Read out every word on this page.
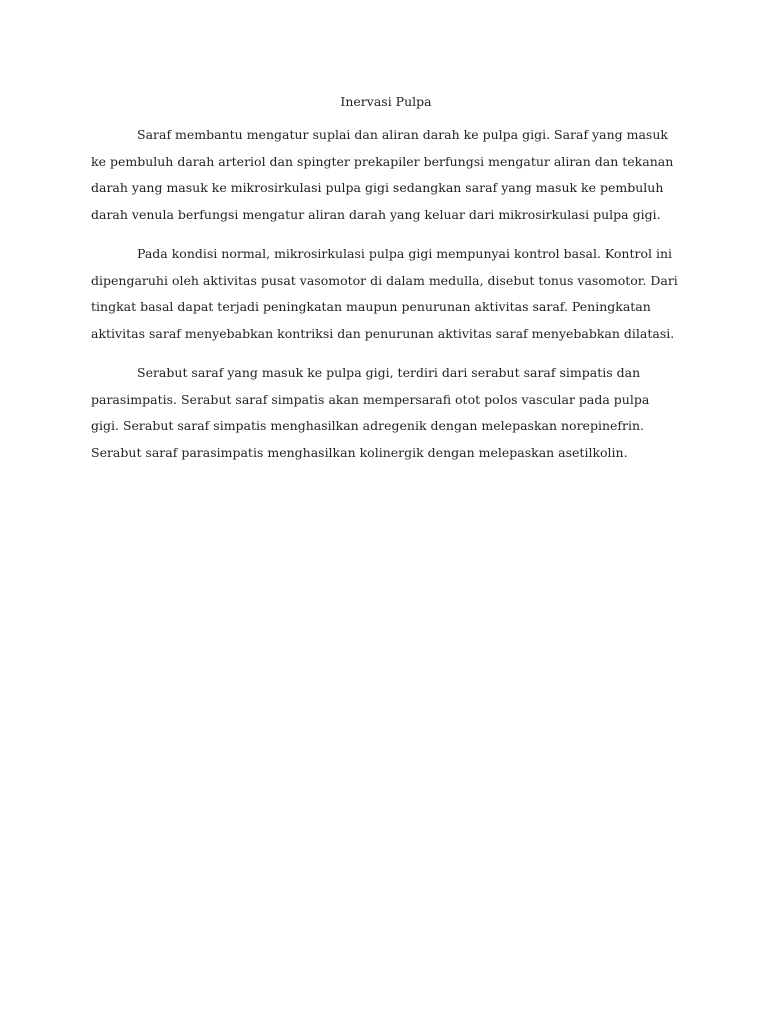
Inervasi Pulpa

Saraf membantu mengatur suplai dan aliran darah ke pulpa gigi. Saraf yang masuk ke pembuluh darah arteriol dan spingter prekapiler berfungsi mengatur aliran dan tekanan darah yang masuk ke mikrosirkulasi pulpa gigi sedangkan saraf yang masuk ke pembuluh darah venula berfungsi mengatur aliran darah yang keluar dari mikrosirkulasi pulpa gigi.

Pada kondisi normal, mikrosirkulasi pulpa gigi mempunyai kontrol basal. Kontrol ini dipengaruhi oleh aktivitas pusat vasomotor di dalam medulla, disebut tonus vasomotor. Dari tingkat basal dapat terjadi peningkatan maupun penurunan aktivitas saraf. Peningkatan aktivitas saraf menyebabkan kontriksi dan penurunan aktivitas saraf menyebabkan dilatasi.

Serabut saraf yang masuk ke pulpa gigi, terdiri dari serabut saraf simpatis dan parasimpatis. Serabut saraf simpatis akan mempersarafi otot polos vascular pada pulpa gigi. Serabut saraf simpatis menghasilkan adregenik dengan melepaskan norepinefrin. Serabut saraf parasimpatis menghasilkan kolinergik dengan melepaskan asetilkolin.
